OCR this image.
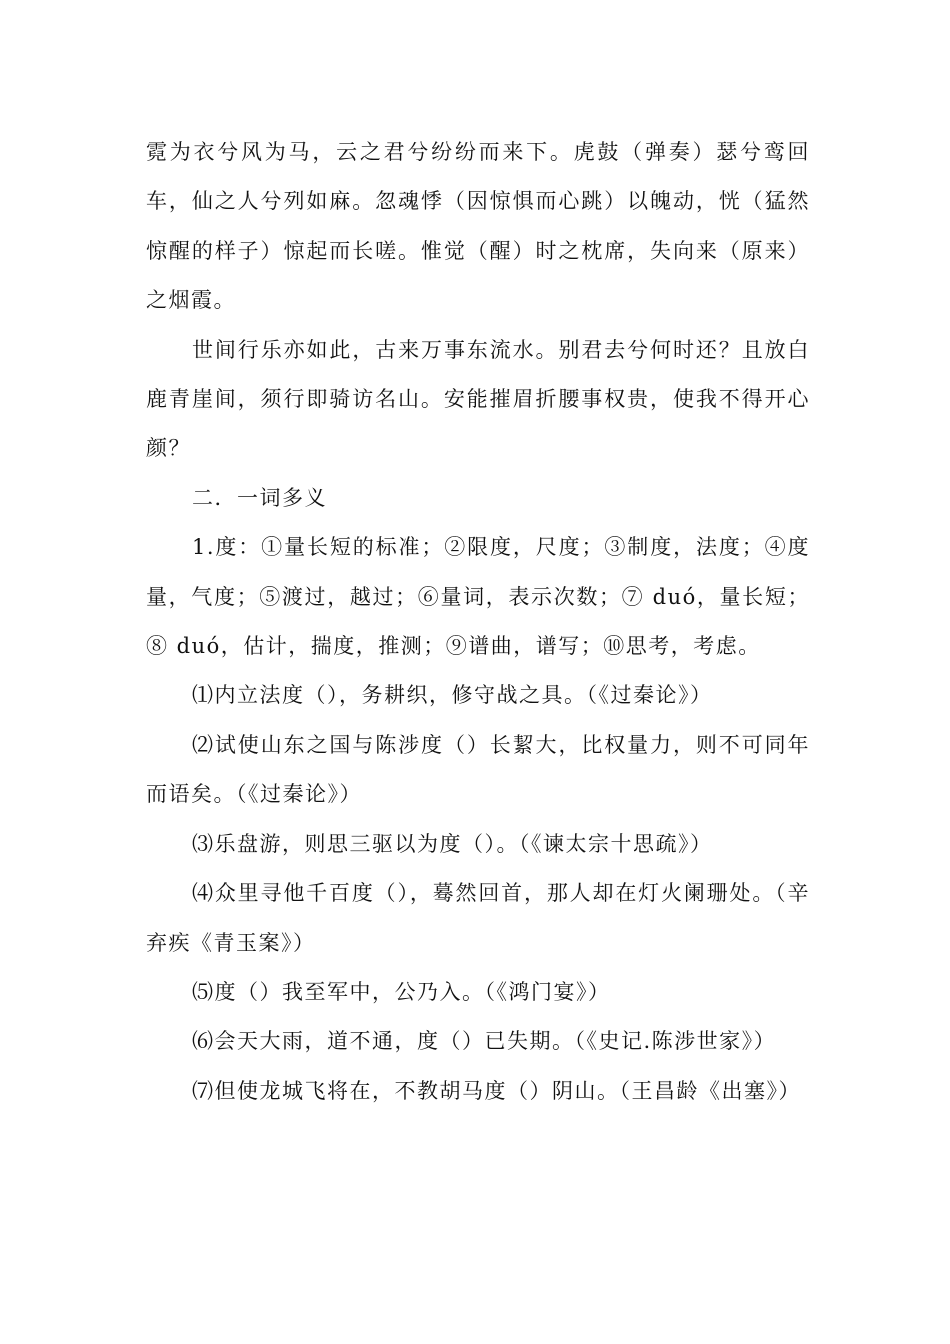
霓为衣兮风为马，云之君兮纷纷而来下。虎鼓（弹奏）瑟兮鸾回车，仙之人兮列如麻。忽魂悸（因惊惧而心跳）以魄动，恍（猛然惊醒的样子）惊起而长嗟。惟觉（醒）时之枕席，失向来（原来）之烟霞。

世间行乐亦如此，古来万事东流水。别君去兮何时还？且放白鹿青崖间，须行即骑访名山。安能摧眉折腰事权贵，使我不得开心颜？

二．一词多义

1.度：①量长短的标准；②限度，尺度；③制度，法度；④度量，气度；⑤渡过，越过；⑥量词，表示次数；⑦ duó，量长短；⑧ duó，估计，揣度，推测；⑨谱曲，谱写；⑩思考，考虑。

⑴内立法度（），务耕织，修守战之具。（《过秦论》）

⑵试使山东之国与陈涉度（）长絜大，比权量力，则不可同年而语矣。（《过秦论》）

⑶乐盘游，则思三驱以为度（）。（《谏太宗十思疏》）

⑷众里寻他千百度（），蓦然回首，那人却在灯火阑珊处。（辛弃疾《青玉案》）

⑸度（）我至军中，公乃入。（《鸿门宴》）

⑹会天大雨，道不通，度（）已失期。（《史记.陈涉世家》）

⑺但使龙城飞将在，不教胡马度（）阴山。（王昌龄《出塞》）
